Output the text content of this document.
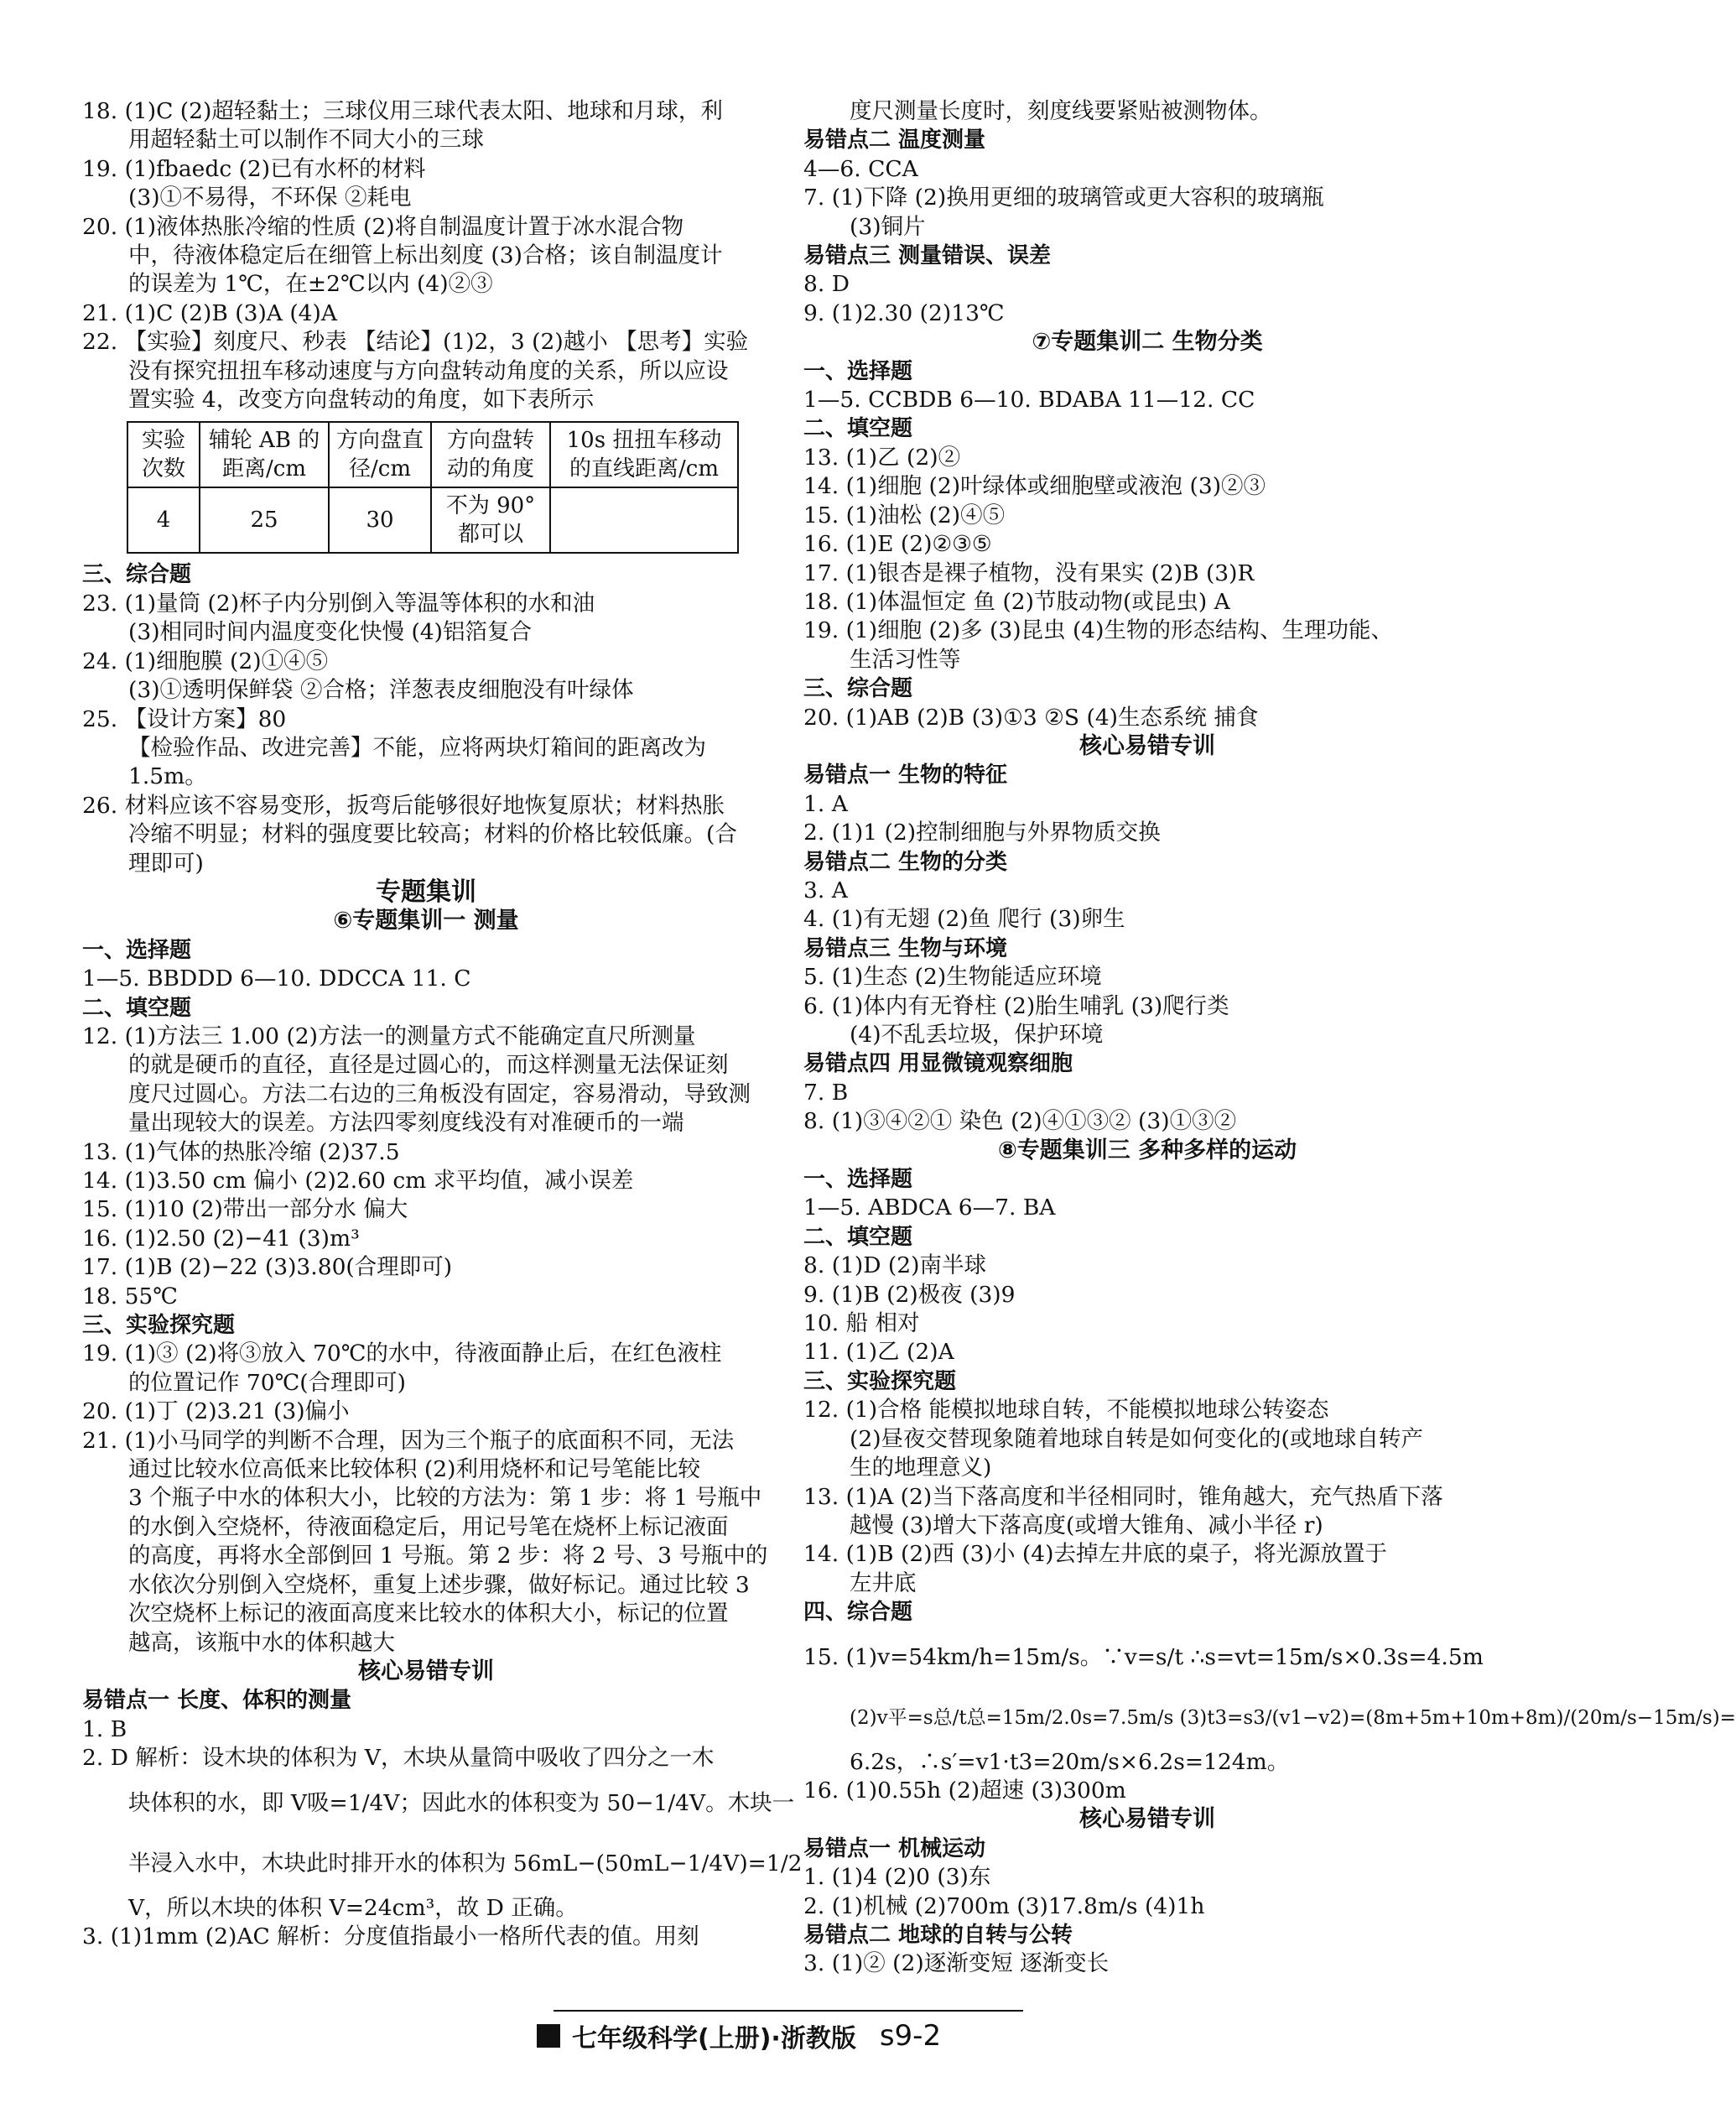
18. (1)C (2)超轻黏土；三球仪用三球代表太阳、地球和月球，利
用超轻黏土可以制作不同大小的三球
19. (1)fbaedc (2)已有水杯的材料
(3)①不易得，不环保 ②耗电
20. (1)液体热胀冷缩的性质 (2)将自制温度计置于冰水混合物
中，待液体稳定后在细管上标出刻度 (3)合格；该自制温度计
的误差为 1℃，在±2℃以内 (4)②③
21. (1)C (2)B (3)A (4)A
22. 【实验】刻度尺、秒表 【结论】(1)2，3 (2)越小 【思考】实验
没有探究扭扭车移动速度与方向盘转动角度的关系，所以应设
置实验 4，改变方向盘转动的角度，如下表所示
实验次数	辅轮 AB 的距离/cm	方向盘直径/cm	方向盘转动的角度	10s 扭扭车移动的直线距离/cm
4	25	30	不为 90°都可以	
三、综合题
23. (1)量筒 (2)杯子内分别倒入等温等体积的水和油
(3)相同时间内温度变化快慢 (4)铝箔复合
24. (1)细胞膜 (2)①④⑤
(3)①透明保鲜袋 ②合格；洋葱表皮细胞没有叶绿体
25. 【设计方案】80
【检验作品、改进完善】不能，应将两块灯箱间的距离改为
1.5m。
26. 材料应该不容易变形，扳弯后能够很好地恢复原状；材料热胀
冷缩不明显；材料的强度要比较高；材料的价格比较低廉。(合
理即可)
专题集训
⑥专题集训一 测量
一、选择题
1—5. BBDDD 6—10. DDCCA 11. C
二、填空题
12. (1)方法三 1.00 (2)方法一的测量方式不能确定直尺所测量
的就是硬币的直径，直径是过圆心的，而这样测量无法保证刻
度尺过圆心。方法二右边的三角板没有固定，容易滑动，导致测
量出现较大的误差。方法四零刻度线没有对准硬币的一端
13. (1)气体的热胀冷缩 (2)37.5
14. (1)3.50 cm 偏小 (2)2.60 cm 求平均值，减小误差
15. (1)10 (2)带出一部分水 偏大
16. (1)2.50 (2)−41 (3)m³
17. (1)B (2)−22 (3)3.80(合理即可)
18. 55℃
三、实验探究题
19. (1)③ (2)将③放入 70℃的水中，待液面静止后，在红色液柱
的位置记作 70℃(合理即可)
20. (1)丁 (2)3.21 (3)偏小
21. (1)小马同学的判断不合理，因为三个瓶子的底面积不同，无法
通过比较水位高低来比较体积 (2)利用烧杯和记号笔能比较
3 个瓶子中水的体积大小，比较的方法为：第 1 步：将 1 号瓶中
的水倒入空烧杯，待液面稳定后，用记号笔在烧杯上标记液面
的高度，再将水全部倒回 1 号瓶。第 2 步：将 2 号、3 号瓶中的
水依次分别倒入空烧杯，重复上述步骤，做好标记。通过比较 3
次空烧杯上标记的液面高度来比较水的体积大小，标记的位置
越高，该瓶中水的体积越大
核心易错专训
易错点一 长度、体积的测量
1. B
2. D 解析：设木块的体积为 V，木块从量筒中吸收了四分之一木
块体积的水，即 V吸=1/4V；因此水的体积变为 50−1/4V。木块一
半浸入水中，木块此时排开水的体积为 56mL−(50mL−1/4V)=1/2
V，所以木块的体积 V=24cm³，故 D 正确。
3. (1)1mm (2)AC 解析：分度值指最小一格所代表的值。用刻
度尺测量长度时，刻度线要紧贴被测物体。
易错点二 温度测量
4—6. CCA
7. (1)下降 (2)换用更细的玻璃管或更大容积的玻璃瓶
(3)铜片
易错点三 测量错误、误差
8. D
9. (1)2.30 (2)13℃
⑦专题集训二 生物分类
一、选择题
1—5. CCBDB 6—10. BDABA 11—12. CC
二、填空题
13. (1)乙 (2)②
14. (1)细胞 (2)叶绿体或细胞壁或液泡 (3)②③
15. (1)油松 (2)④⑤
16. (1)E (2)②③⑤
17. (1)银杏是裸子植物，没有果实 (2)B (3)R
18. (1)体温恒定 鱼 (2)节肢动物(或昆虫) A
19. (1)细胞 (2)多 (3)昆虫 (4)生物的形态结构、生理功能、
生活习性等
三、综合题
20. (1)AB (2)B (3)①3 ②S (4)生态系统 捕食
核心易错专训
易错点一 生物的特征
1. A
2. (1)1 (2)控制细胞与外界物质交换
易错点二 生物的分类
3. A
4. (1)有无翅 (2)鱼 爬行 (3)卵生
易错点三 生物与环境
5. (1)生态 (2)生物能适应环境
6. (1)体内有无脊柱 (2)胎生哺乳 (3)爬行类
(4)不乱丢垃圾，保护环境
易错点四 用显微镜观察细胞
7. B
8. (1)③④②① 染色 (2)④①③② (3)①③②
⑧专题集训三 多种多样的运动
一、选择题
1—5. ABDCA 6—7. BA
二、填空题
8. (1)D (2)南半球
9. (1)B (2)极夜 (3)9
10. 船 相对
11. (1)乙 (2)A
三、实验探究题
12. (1)合格 能模拟地球自转，不能模拟地球公转姿态
(2)昼夜交替现象随着地球自转是如何变化的(或地球自转产
生的地理意义)
13. (1)A (2)当下落高度和半径相同时，锥角越大，充气热盾下落
越慢 (3)增大下落高度(或增大锥角、减小半径 r)
14. (1)B (2)西 (3)小 (4)去掉左井底的桌子，将光源放置于
左井底
四、综合题
15. (1)v=54km/h=15m/s。∵v=s/t ∴s=vt=15m/s×0.3s=4.5m
(2)v平=s总/t总=15m/2.0s=7.5m/s (3)t3=s3/(v1−v2)=(8m+5m+10m+8m)/(20m/s−15m/s)=
6.2s，∴s′=v1·t3=20m/s×6.2s=124m。
16. (1)0.55h (2)超速 (3)300m
核心易错专训
易错点一 机械运动
1. (1)4 (2)0 (3)东
2. (1)机械 (2)700m (3)17.8m/s (4)1h
易错点二 地球的自转与公转
3. (1)② (2)逐渐变短 逐渐变长
七年级科学(上册)·浙教版 s9-2
